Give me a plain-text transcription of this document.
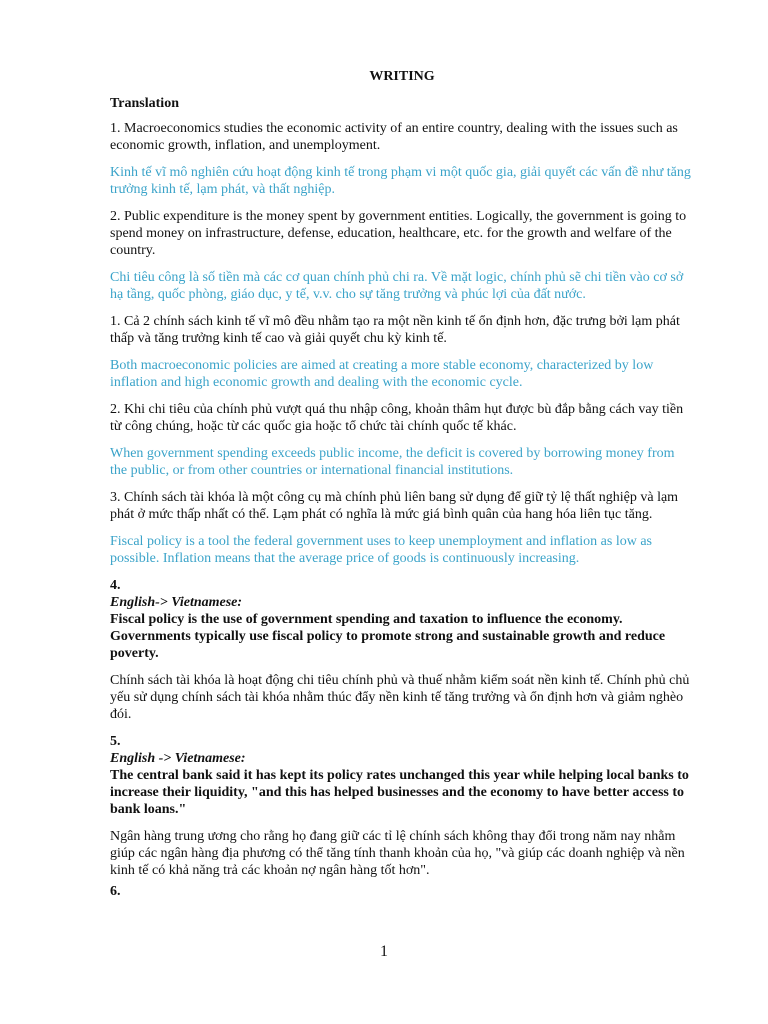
WRITING
Translation

1. Macroeconomics studies the economic activity of an entire country, dealing with the issues such as economic growth, inflation, and unemployment.

Kinh tế vĩ mô nghiên cứu hoạt động kinh tế trong phạm vi một quốc gia, giải quyết các vấn đề như tăng trưởng kinh tế, lạm phát, và thất nghiệp.

2. Public expenditure is the money spent by government entities. Logically, the government is going to spend money on infrastructure, defense, education, healthcare, etc. for the growth and welfare of the country.

Chi tiêu công là số tiền mà các cơ quan chính phủ chi ra. Về mặt logic, chính phủ sẽ chi tiền vào cơ sở hạ tầng, quốc phòng, giáo dục, y tế, v.v. cho sự tăng trưởng và phúc lợi của đất nước.

1. Cả 2 chính sách kinh tế vĩ mô đều nhằm tạo ra một nền kinh tế ổn định hơn, đặc trưng bởi lạm phát thấp và tăng trưởng kinh tế cao và giải quyết chu kỳ kinh tế.

Both macroeconomic policies are aimed at creating a more stable economy, characterized by low inflation and high economic growth and dealing with the economic cycle.

2. Khi chi tiêu của chính phủ vượt quá thu nhập công, khoản thâm hụt được bù đắp bằng cách vay tiền từ công chúng, hoặc từ các quốc gia hoặc tổ chức tài chính quốc tế khác.

When government spending exceeds public income, the deficit is covered by borrowing money from the public, or from other countries or international financial institutions.

3. Chính sách tài khóa là một công cụ mà chính phủ liên bang sử dụng để giữ tỷ lệ thất nghiệp và lạm phát ở mức thấp nhất có thể. Lạm phát có nghĩa là mức giá bình quân của hang hóa liên tục tăng.

Fiscal policy is a tool the federal government uses to keep unemployment and inflation as low as possible. Inflation means that the average price of goods is continuously increasing.

4.

English-> Vietnamese:

Fiscal policy is the use of government spending and taxation to influence the economy. Governments typically use fiscal policy to promote strong and sustainable growth and reduce poverty.

Chính sách tài khóa là hoạt động chi tiêu chính phủ và thuế nhằm kiểm soát nền kinh tế. Chính phủ chủ yếu sử dụng chính sách tài khóa nhằm thúc đẩy nền kinh tế tăng trưởng và ổn định hơn và giảm nghèo đói.

5.

English -> Vietnamese:

The central bank said it has kept its policy rates unchanged this year while helping local banks to increase their liquidity, "and this has helped businesses and the economy to have better access to bank loans."

Ngân hàng trung ương cho rằng họ đang giữ các tỉ lệ chính sách không thay đổi trong năm nay nhằm giúp các ngân hàng địa phương có thể tăng tính thanh khoản của họ, "và giúp các doanh nghiệp và nền kinh tế có khả năng trả các khoản nợ ngân hàng tốt hơn".

6.

1
